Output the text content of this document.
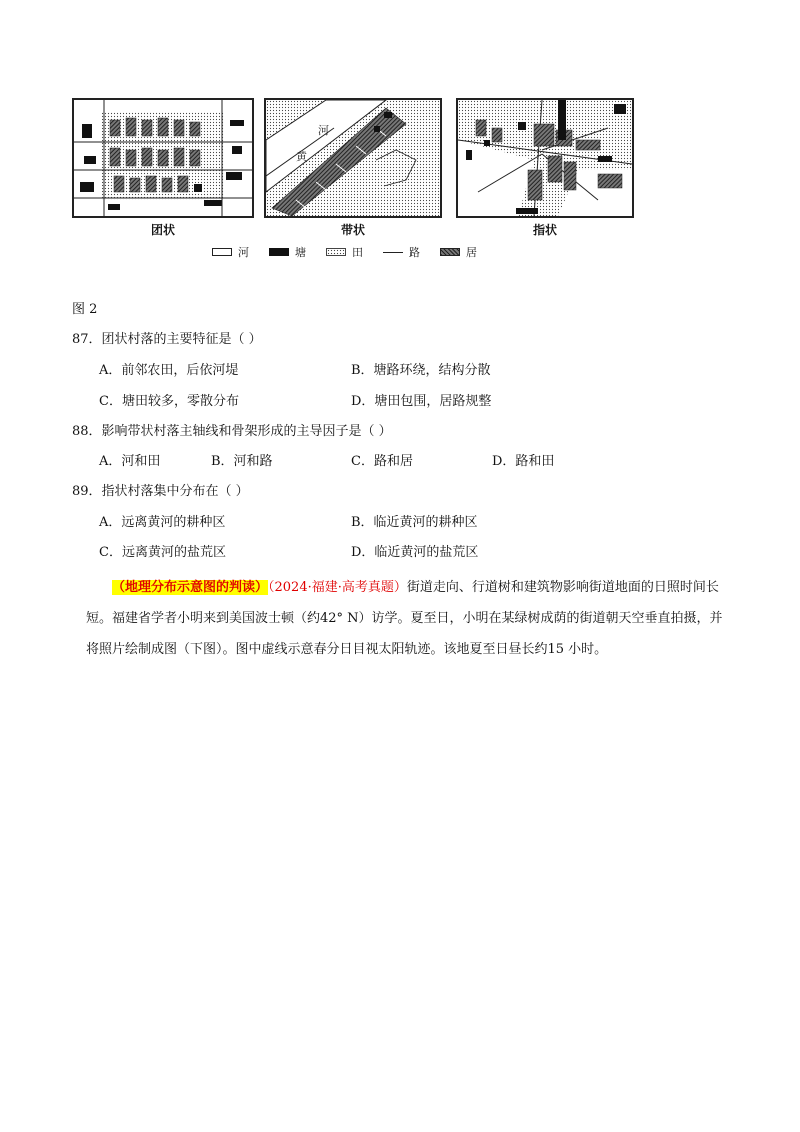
黄
河
团状	带状	指状
河	塘	田	路	居
图 2
87．团状村落的主要特征是（ ）
A．前邻农田，后依河堤	B．塘路环绕，结构分散
C．塘田较多，零散分布	D．塘田包围，居路规整
88．影响带状村落主轴线和骨架形成的主导因子是（ ）
A．河和田	B．河和路	C．路和居	D．路和田
89．指状村落集中分布在（ ）
A．远离黄河的耕种区	B．临近黄河的耕种区
C．远离黄河的盐荒区	D．临近黄河的盐荒区
（地理分布示意图的判读）（2024·福建·高考真题）街道走向、行道树和建筑物影响街道地面的日照时间长短。福建省学者小明来到美国波士顿（约42° N）访学。夏至日，小明在某绿树成荫的街道朝天空垂直拍摄，并将照片绘制成图（下图）。图中虚线示意春分日目视太阳轨迹。该地夏至日昼长约15 小时。
